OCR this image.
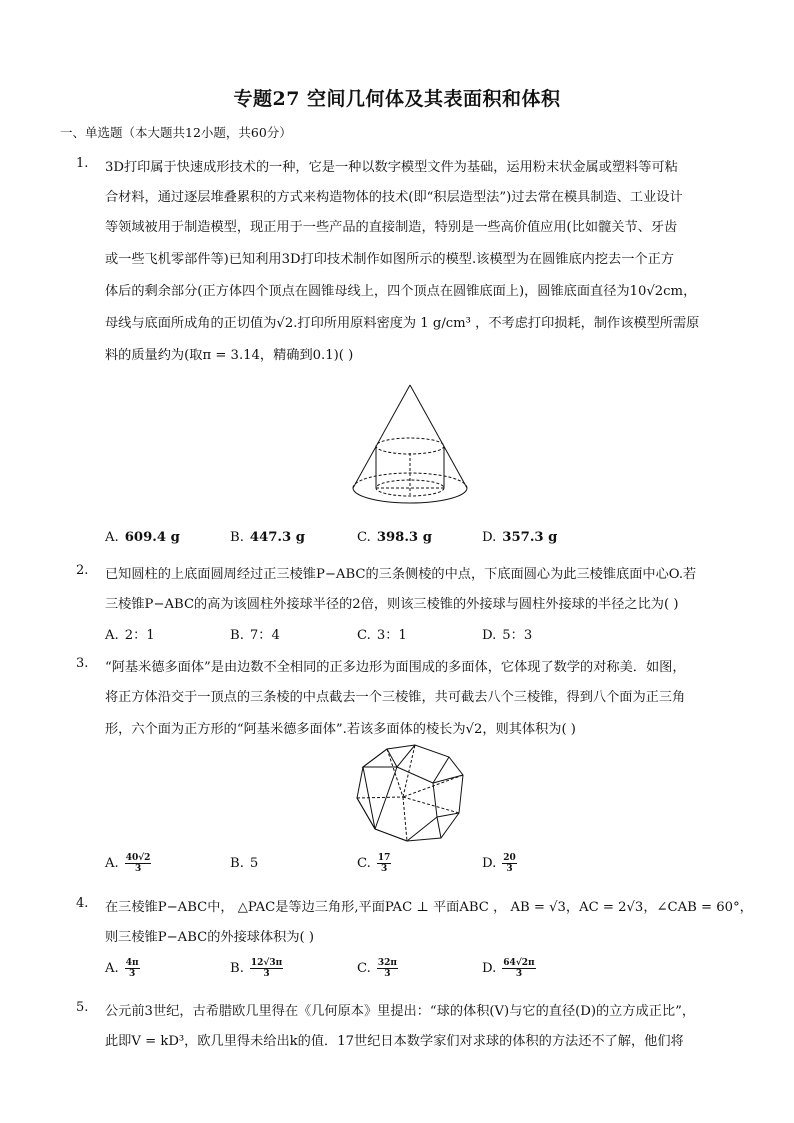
专题27 空间几何体及其表面积和体积
一、单选题（本大题共12小题，共60分）
1. 3D打印属于快速成形技术的一种，它是一种以数字模型文件为基础，运用粉末状金属或塑料等可粘
合材料，通过逐层堆叠累积的方式来构造物体的技术(即“积层造型法”)过去常在模具制造、工业设计
等领域被用于制造模型，现正用于一些产品的直接制造，特别是一些高价值应用(比如髋关节、牙齿
或一些飞机零部件等)已知利用3D打印技术制作如图所示的模型.该模型为在圆锥底内挖去一个正方
体后的剩余部分(正方体四个顶点在圆锥母线上，四个顶点在圆锥底面上)，圆锥底面直径为10√2cm，
母线与底面所成角的正切值为√2.打印所用原料密度为 1 g/cm³ ，不考虑打印损耗，制作该模型所需原
料的质量约为(取π = 3.14，精确到0.1)( )
A. 609.4 g	B. 447.3 g	C. 398.3 g	D. 357.3 g
2. 已知圆柱的上底面圆周经过正三棱锥P−ABC的三条侧棱的中点，下底面圆心为此三棱锥底面中心O.若
三棱锥P−ABC的高为该圆柱外接球半径的2倍，则该三棱锥的外接球与圆柱外接球的半径之比为( )
A. 2：1	B. 7：4	C. 3：1	D. 5：3
3. “阿基米德多面体”是由边数不全相同的正多边形为面围成的多面体，它体现了数学的对称美．如图，
将正方体沿交于一顶点的三条棱的中点截去一个三棱锥，共可截去八个三棱锥，得到八个面为正三角
形，六个面为正方形的“阿基米德多面体”.若该多面体的棱长为√2，则其体积为( )
A. $\frac{40√2}{3}$	B. 5	C. $\frac{17}{3}$	D. $\frac{20}{3}$
4. 在三棱锥P−ABC中， △PAC是等边三角形,平面PAC ⊥ 平面ABC ， AB = √3，AC = 2√3，∠CAB = 60°，
则三棱锥P−ABC的外接球体积为( )
A. $\frac{4\pi}{3}$	B. $\frac{12√3\pi}{3}$	C. $\frac{32\pi}{3}$	D. $\frac{64√2\pi}{3}$
5. 公元前3世纪，古希腊欧几里得在《几何原本》里提出：“球的体积(V)与它的直径(D)的立方成正比”，
此即V = kD³，欧几里得未给出k的值．17世纪日本数学家们对求球的体积的方法还不了解，他们将
